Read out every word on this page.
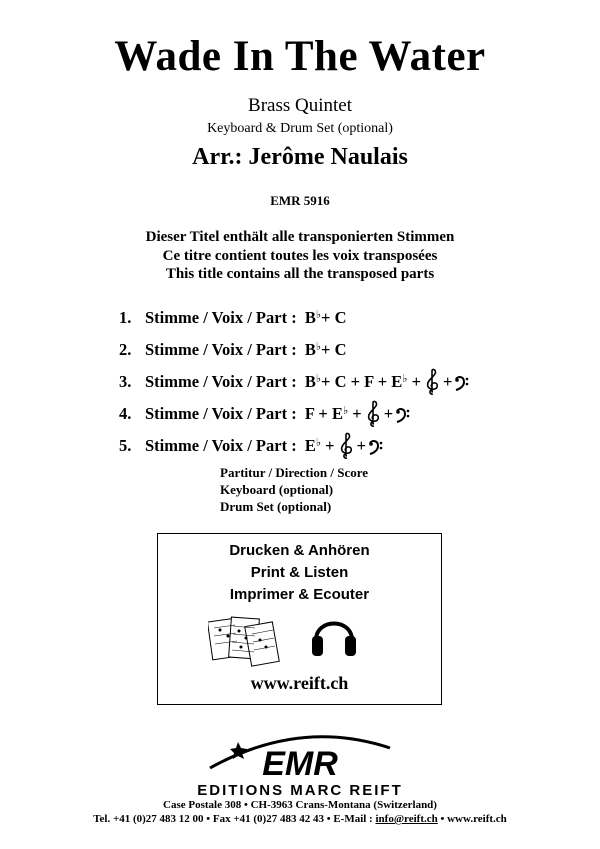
Wade In The Water
Brass Quintet
Keyboard & Drum Set (optional)
Arr.: Jerôme Naulais
EMR 5916
Dieser Titel enthält alle transponierten Stimmen
Ce titre contient toutes les voix transposées
This title contains all the transposed parts
1. Stimme / Voix / Part :
B ♭ + C
2. Stimme / Voix / Part :
B ♭ + C
3. Stimme / Voix / Part :
B ♭ + C + F + E ♭
+ +
4. Stimme / Voix / Part :
F + E ♭
+ +
5. Stimme / Voix / Part :
E ♭
+ +
Partitur / Direction / Score
Keyboard (optional)
Drum Set (optional)
Drucken & Anhören
Print & Listen
Imprimer & Ecouter
www.reift.ch
EMR
EDITIONS MARC REIFT
Case Postale 308 • CH-3963 Crans-Montana (Switzerland)
Tel. +41 (0)27 483 12 00 • Fax +41 (0)27 483 42 43 • E-Mail : info@reift.ch • www.reift.ch
